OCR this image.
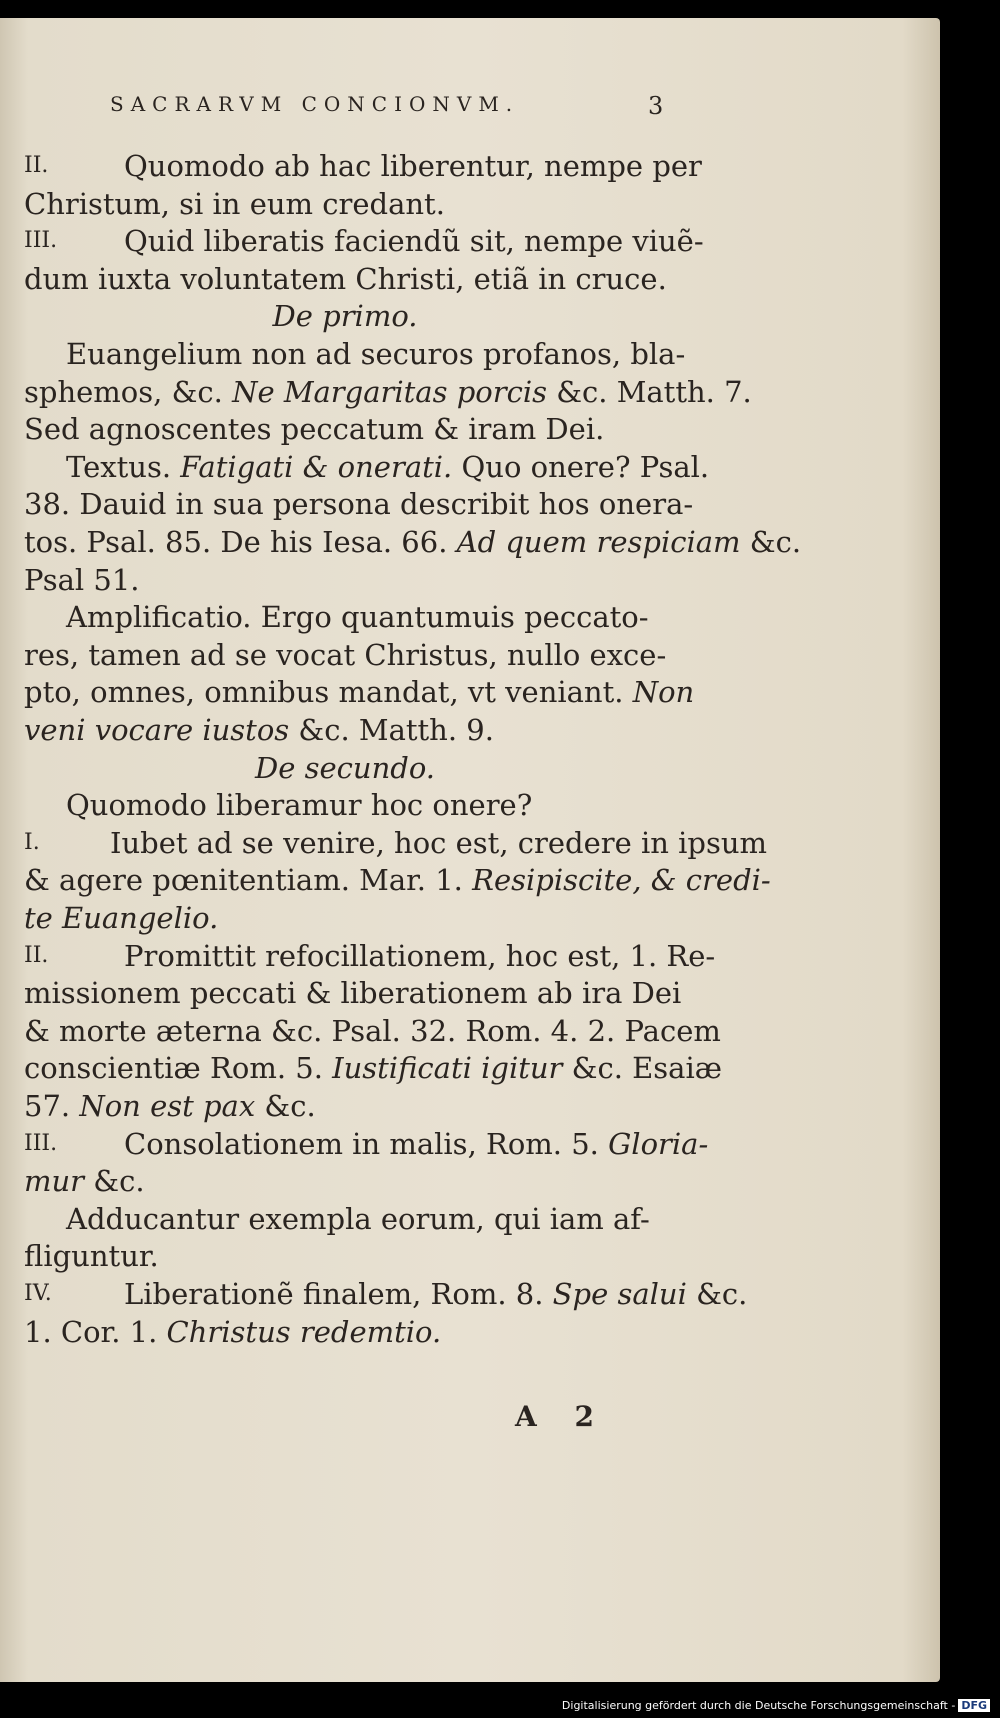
SACRARVM CONCIONVM.	3
II.	Quomodo ab hac liberentur, nempe per
Christum, si in eum credant.
III. Quid liberatis faciendũ sit, nempe viuẽ-
dum iuxta voluntatem Christi, etiã in cruce.
De primo.
Euangelium non ad securos profanos, bla-
sphemos, &c. Ne Margaritas porcis &c. Matth. 7.
Sed agnoscentes peccatum & iram Dei.
Textus. Fatigati & onerati. Quo onere? Psal.
38. Dauid in sua persona describit hos onera-
tos. Psal. 85. De his Iesa. 66. Ad quem respiciam &c.
Psal 51.
Amplificatio. Ergo quantumuis peccato-
res, tamen ad se vocat Christus, nullo exce-
pto, omnes, omnibus mandat, vt veniant. Non
veni vocare iustos &c. Matth. 9.
De secundo.
Quomodo liberamur hoc onere?
I. Iubet ad se venire, hoc est, credere in ipsum
& agere pœnitentiam. Mar. 1. Resipiscite, & credi-
te Euangelio.
II.	Promittit refocillationem, hoc est, 1. Re-
missionem peccati & liberationem ab ira Dei
& morte æterna &c. Psal. 32. Rom. 4. 2. Pacem
conscientiæ Rom. 5. Iustificati igitur &c. Esaiæ
57. Non est pax &c.
III. Consolationem in malis, Rom. 5. Gloria-
mur &c.
Adducantur exempla eorum, qui iam af-
fliguntur.
IV. Liberationẽ finalem, Rom. 8. Spe salui &c.
1. Cor. 1. Christus redemtio.
A 2
Digitalisierung gefördert durch die Deutsche Forschungsgemeinschaft - DFG
